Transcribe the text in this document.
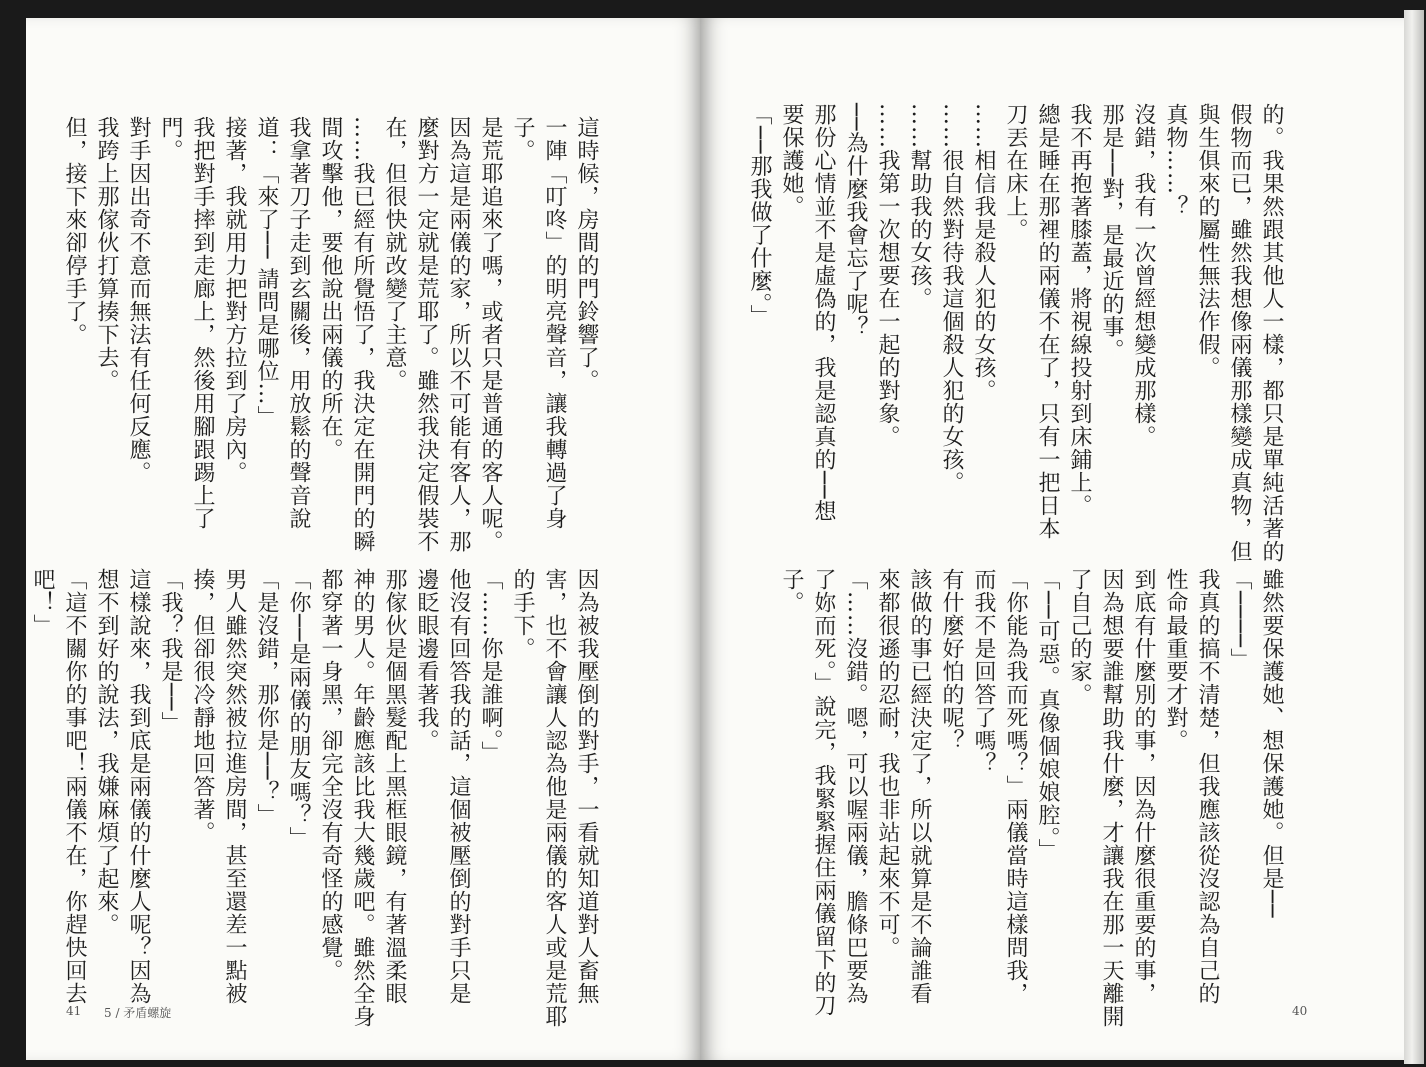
這時候，房間的門鈴響了。

一陣「叮咚」的明亮聲音，讓我轉過了身

子。

是荒耶追來了嗎，或者只是普通的客人呢。

因為這是兩儀的家，所以不可能有客人，那

麼對方一定就是荒耶了。雖然我決定假裝不

在，但很快就改變了主意。

……我已經有所覺悟了，我決定在開門的瞬

間攻擊他，要他說出兩儀的所在。

我拿著刀子走到玄關後，用放鬆的聲音說

道：「來了── 請問是哪位…」

接著，我就用力把對方拉到了房內。

我把對手摔到走廊上，然後用腳跟踢上了

門。

對手因出奇不意而無法有任何反應。

我跨上那傢伙打算揍下去。

但，接下來卻停手了。

因為被我壓倒的對手，一看就知道對人畜無

害，也不會讓人認為他是兩儀的客人或是荒耶

的手下。

「……你是誰啊。」

他沒有回答我的話，這個被壓倒的對手只是

邊眨眼邊看著我。

那傢伙是個黑髮配上黑框眼鏡，有著溫柔眼

神的男人。年齡應該比我大幾歲吧。雖然全身

都穿著一身黑，卻完全沒有奇怪的感覺。

「你──是兩儀的朋友嗎？」

「是沒錯，那你是──？」

男人雖然突然被拉進房間，甚至還差一點被

揍，但卻很冷靜地回答著。

「我？我是──」

這樣說來，我到底是兩儀的什麼人呢？因為

想不到好的說法，我嫌麻煩了起來。

「這不關你的事吧！兩儀不在，你趕快回去

吧！」

的。我果然跟其他人一樣，都只是單純活著的

假物而已，雖然我想像兩儀那樣變成真物，但

與生俱來的屬性無法作假。

真物……？

沒錯，我有一次曾經想變成那樣。

那是──對，是最近的事。

我不再抱著膝蓋，將視線投射到床鋪上。

總是睡在那裡的兩儀不在了，只有一把日本

刀丟在床上。

……相信我是殺人犯的女孩。

……很自然對待我這個殺人犯的女孩。

……幫助我的女孩。

……我第一次想要在一起的對象。

──為什麼我會忘了呢？

那份心情並不是虛偽的，我是認真的──想

要保護她。

「──那我做了什麼。」

雖然要保護她、想保護她。但是──

「────」

我真的搞不清楚，但我應該從沒認為自己的

性命最重要才對。

到底有什麼別的事，因為什麼很重要的事，

因為想要誰幫助我什麼，才讓我在那一天離開

了自己的家。

「──可惡。真像個娘娘腔。」

「你能為我而死嗎？」兩儀當時這樣問我，

而我不是回答了嗎？

有什麼好怕的呢？

該做的事已經決定了，所以就算是不論誰看

來都很遜的忍耐，我也非站起來不可。

「……沒錯。嗯，可以喔兩儀，膽條巴要為

了妳而死。」說完，我緊緊握住兩儀留下的刀

子。

41 5 / 矛盾螺旋	40
